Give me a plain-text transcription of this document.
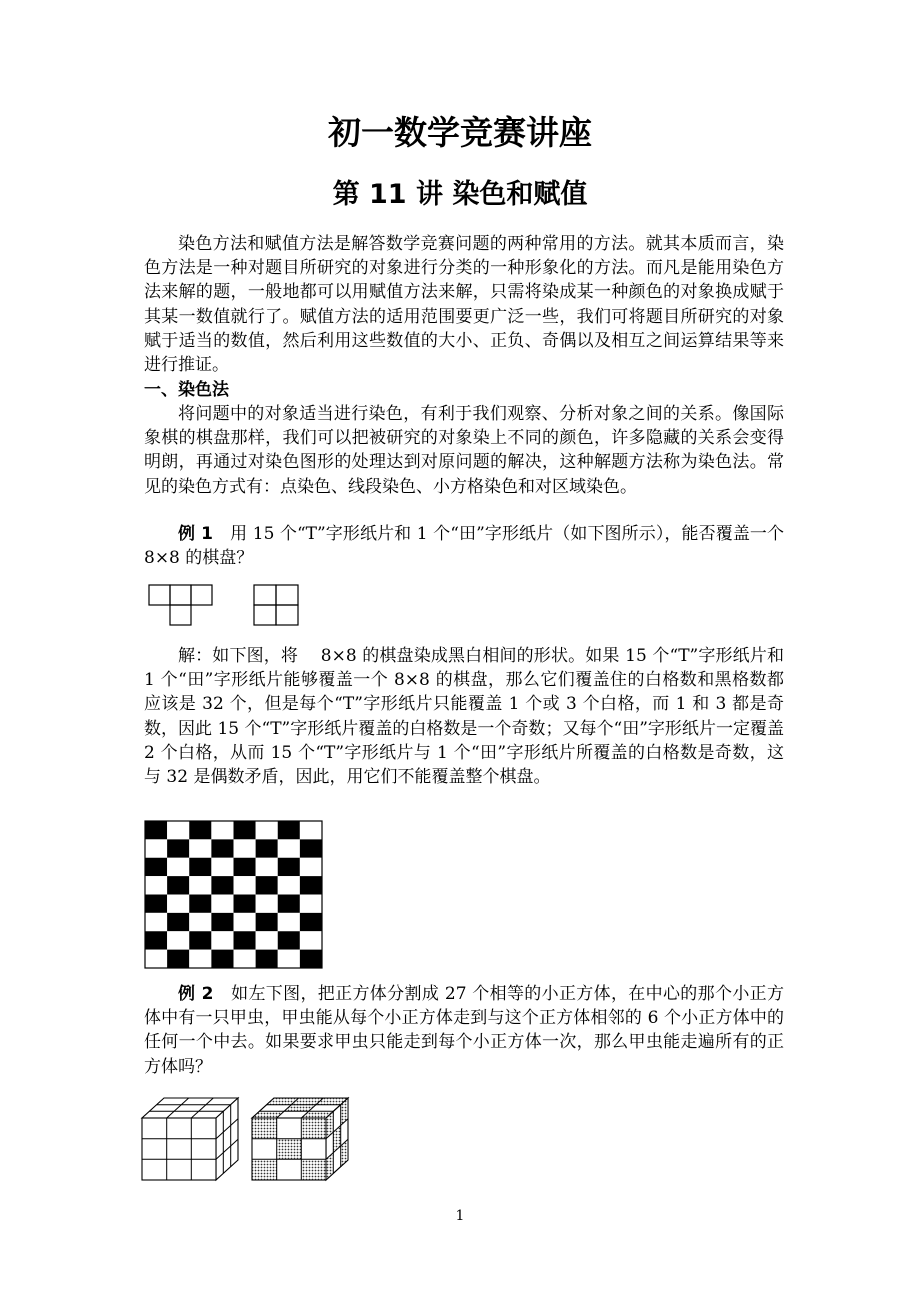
初一数学竞赛讲座
第 11 讲 染色和赋值

染色方法和赋值方法是解答数学竞赛问题的两种常用的方法。就其本质而言，染色方法是一种对题目所研究的对象进行分类的一种形象化的方法。而凡是能用染色方法来解的题，一般地都可以用赋值方法来解，只需将染成某一种颜色的对象换成赋于其某一数值就行了。赋值方法的适用范围要更广泛一些，我们可将题目所研究的对象赋于适当的数值，然后利用这些数值的大小、正负、奇偶以及相互之间运算结果等来进行推证。

一、染色法

将问题中的对象适当进行染色，有利于我们观察、分析对象之间的关系。像国际象棋的棋盘那样，我们可以把被研究的对象染上不同的颜色，许多隐藏的关系会变得明朗，再通过对染色图形的处理达到对原问题的解决，这种解题方法称为染色法。常见的染色方式有：点染色、线段染色、小方格染色和对区域染色。

例 1　 用 15 个“T”字形纸片和 1 个“田”字形纸片（如下图所示），能否覆盖一个 8×8 的棋盘？

解：如下图，将 　8×8 的棋盘染成黑白相间的形状。如果 15 个“T”字形纸片和 1 个“田”字形纸片能够覆盖一个 8×8 的棋盘，那么它们覆盖住的白格数和黑格数都应该是 32 个，但是每个“T”字形纸片只能覆盖 1 个或 3 个白格，而 1 和 3 都是奇数，因此 15 个“T”字形纸片覆盖的白格数是一个奇数；又每个“田”字形纸片一定覆盖 2 个白格，从而 15 个“T”字形纸片与 1 个“田”字形纸片所覆盖的白格数是奇数，这与 32 是偶数矛盾，因此，用它们不能覆盖整个棋盘。

例 2　 如左下图，把正方体分割成 27 个相等的小正方体，在中心的那个小正方体中有一只甲虫，甲虫能从每个小正方体走到与这个正方体相邻的 6 个小正方体中的任何一个中去。如果要求甲虫只能走到每个小正方体一次，那么甲虫能走遍所有的正方体吗？

1
